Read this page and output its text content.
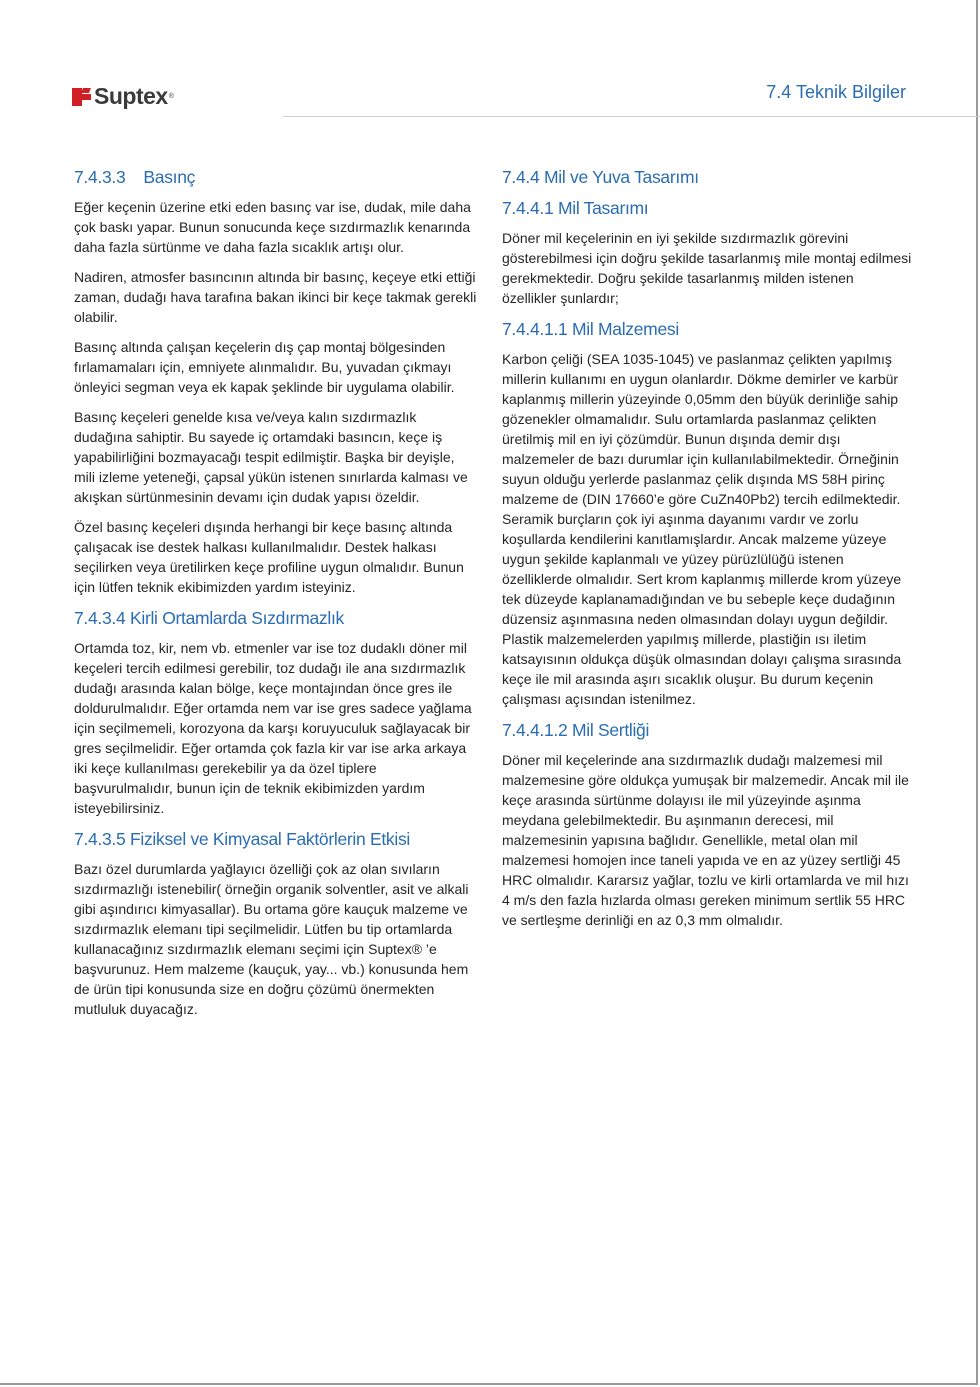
Suptex ®	7.4 Teknik Bilgiler
7.4.3.3 Basınç

Eğer keçenin üzerine etki eden basınç var ise, dudak, mile daha çok baskı yapar. Bunun sonucunda keçe sızdırmazlık kenarında daha fazla sürtünme ve daha fazla sıcaklık artışı olur.

Nadiren, atmosfer basıncının altında bir basınç, keçeye etki ettiği zaman, dudağı hava tarafına bakan ikinci bir keçe takmak gerekli olabilir.

Basınç altında çalışan keçelerin dış çap montaj bölgesinden fırlamamaları için, emniyete alınmalıdır. Bu, yuvadan çıkmayı önleyici segman veya ek kapak şeklinde bir uygulama olabilir.

Basınç keçeleri genelde kısa ve/veya kalın sızdırmazlık dudağına sahiptir. Bu sayede iç ortamdaki basıncın, keçe iş yapabilirliğini bozmayacağı tespit edilmiştir. Başka bir deyişle, mili izleme yeteneği, çapsal yükün istenen sınırlarda kalması ve akışkan sürtünmesinin devamı için dudak yapısı özeldir.

Özel basınç keçeleri dışında herhangi bir keçe basınç altında çalışacak ise destek halkası kullanılmalıdır. Destek halkası seçilirken veya üretilirken keçe profiline uygun olmalıdır. Bunun için lütfen teknik ekibimizden yardım isteyiniz.

7.4.3.4 Kirli Ortamlarda Sızdırmazlık

Ortamda toz, kir, nem vb. etmenler var ise toz dudaklı döner mil keçeleri tercih edilmesi gerebilir, toz dudağı ile ana sızdırmazlık dudağı arasında kalan bölge, keçe montajından önce gres ile doldurulmalıdır. Eğer ortamda nem var ise gres sadece yağlama için seçilmemeli, korozyona da karşı koruyuculuk sağlayacak bir gres seçilmelidir. Eğer ortamda çok fazla kir var ise arka arkaya iki keçe kullanılması gerekebilir ya da özel tiplere başvurulmalıdır, bunun için de teknik ekibimizden yardım isteyebilirsiniz.

7.4.3.5 Fiziksel ve Kimyasal Faktörlerin Etkisi

Bazı özel durumlarda yağlayıcı özelliği çok az olan sıvıların sızdırmazlığı istenebilir( örneğin organik solventler, asit ve alkali gibi aşındırıcı kimyasallar). Bu ortama göre kauçuk malzeme ve sızdırmazlık elemanı tipi seçilmelidir. Lütfen bu tip ortamlarda kullanacağınız sızdırmazlık elemanı seçimi için Suptex® ’e başvurunuz. Hem malzeme (kauçuk, yay... vb.) konusunda hem de ürün tipi konusunda size en doğru çözümü önermekten mutluluk duyacağız.

7.4.4 Mil ve Yuva Tasarımı
7.4.4.1 Mil Tasarımı

Döner mil keçelerinin en iyi şekilde sızdırmazlık görevini gösterebilmesi için doğru şekilde tasarlanmış mile montaj edilmesi gerekmektedir. Doğru şekilde tasarlanmış milden istenen özellikler şunlardır;

7.4.4.1.1 Mil Malzemesi

Karbon çeliği (SEA 1035-1045) ve paslanmaz çelikten yapılmış millerin kullanımı en uygun olanlardır. Dökme demirler ve karbür kaplanmış millerin yüzeyinde 0,05mm den büyük derinliğe sahip gözenekler olmamalıdır. Sulu ortamlarda paslanmaz çelikten üretilmiş mil en iyi çözümdür. Bunun dışında demir dışı malzemeler de bazı durumlar için kullanılabilmektedir. Örneğinin suyun olduğu yerlerde paslanmaz çelik dışında MS 58H pirinç malzeme de (DIN 17660’e göre CuZn40Pb2) tercih edilmektedir. Seramik burçların çok iyi aşınma dayanımı vardır ve zorlu koşullarda kendilerini kanıtlamışlardır. Ancak malzeme yüzeye uygun şekilde kaplanmalı ve yüzey pürüzlülüğü istenen özelliklerde olmalıdır. Sert krom kaplanmış millerde krom yüzeye tek düzeyde kaplanamadığından ve bu sebeple keçe dudağının düzensiz aşınmasına neden olmasından dolayı uygun değildir. Plastik malzemelerden yapılmış millerde, plastiğin ısı iletim katsayısının oldukça düşük olmasından dolayı çalışma sırasında keçe ile mil arasında aşırı sıcaklık oluşur. Bu durum keçenin çalışması açısından istenilmez.

7.4.4.1.2 Mil Sertliği

Döner mil keçelerinde ana sızdırmazlık dudağı malzemesi mil malzemesine göre oldukça yumuşak bir malzemedir. Ancak mil ile keçe arasında sürtünme dolayısı ile mil yüzeyinde aşınma meydana gelebilmektedir. Bu aşınmanın derecesi, mil malzemesinin yapısına bağlıdır. Genellikle, metal olan mil malzemesi homojen ince taneli yapıda ve en az yüzey sertliği 45 HRC olmalıdır. Kararsız yağlar, tozlu ve kirli ortamlarda ve mil hızı 4 m/s den fazla hızlarda olması gereken minimum sertlik 55 HRC ve sertleşme derinliği en az 0,3 mm olmalıdır.
